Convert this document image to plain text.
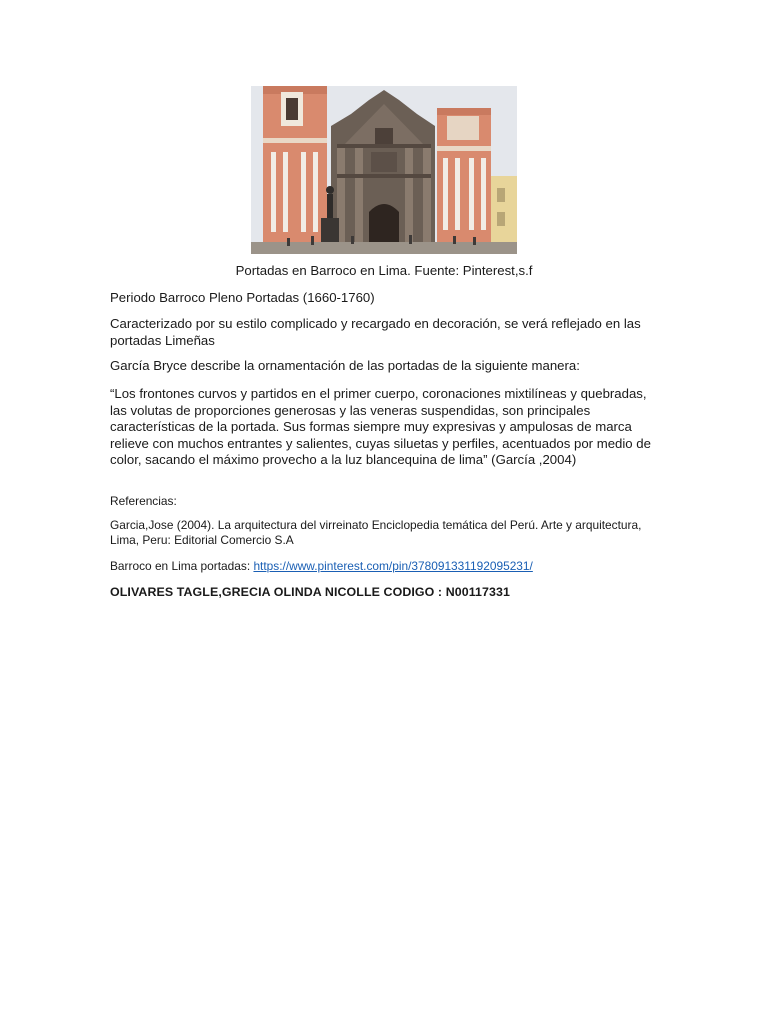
Portadas en Barroco en Lima. Fuente: Pinterest,s.f
Periodo Barroco Pleno Portadas (1660-1760)
Caracterizado por su estilo complicado y recargado en decoración, se verá reflejado en las portadas Limeñas
García Bryce describe la ornamentación de las portadas de la siguiente manera:
“Los frontones curvos y partidos en el primer cuerpo, coronaciones mixtilíneas y quebradas, las volutas de proporciones generosas y las veneras suspendidas, son principales características de la portada. Sus formas siempre muy expresivas y ampulosas de marca relieve con muchos entrantes y salientes, cuyas siluetas y perfiles, acentuados por medio de color, sacando el máximo provecho a la luz blancequina de lima” (García ,2004)
Referencias:
Garcia,Jose (2004). La arquitectura del virreinato Enciclopedia temática del Perú. Arte y arquitectura, Lima, Peru: Editorial Comercio S.A
Barroco en Lima portadas: https://www.pinterest.com/pin/378091331192095231/
OLIVARES TAGLE,GRECIA OLINDA NICOLLE CODIGO : N00117331
